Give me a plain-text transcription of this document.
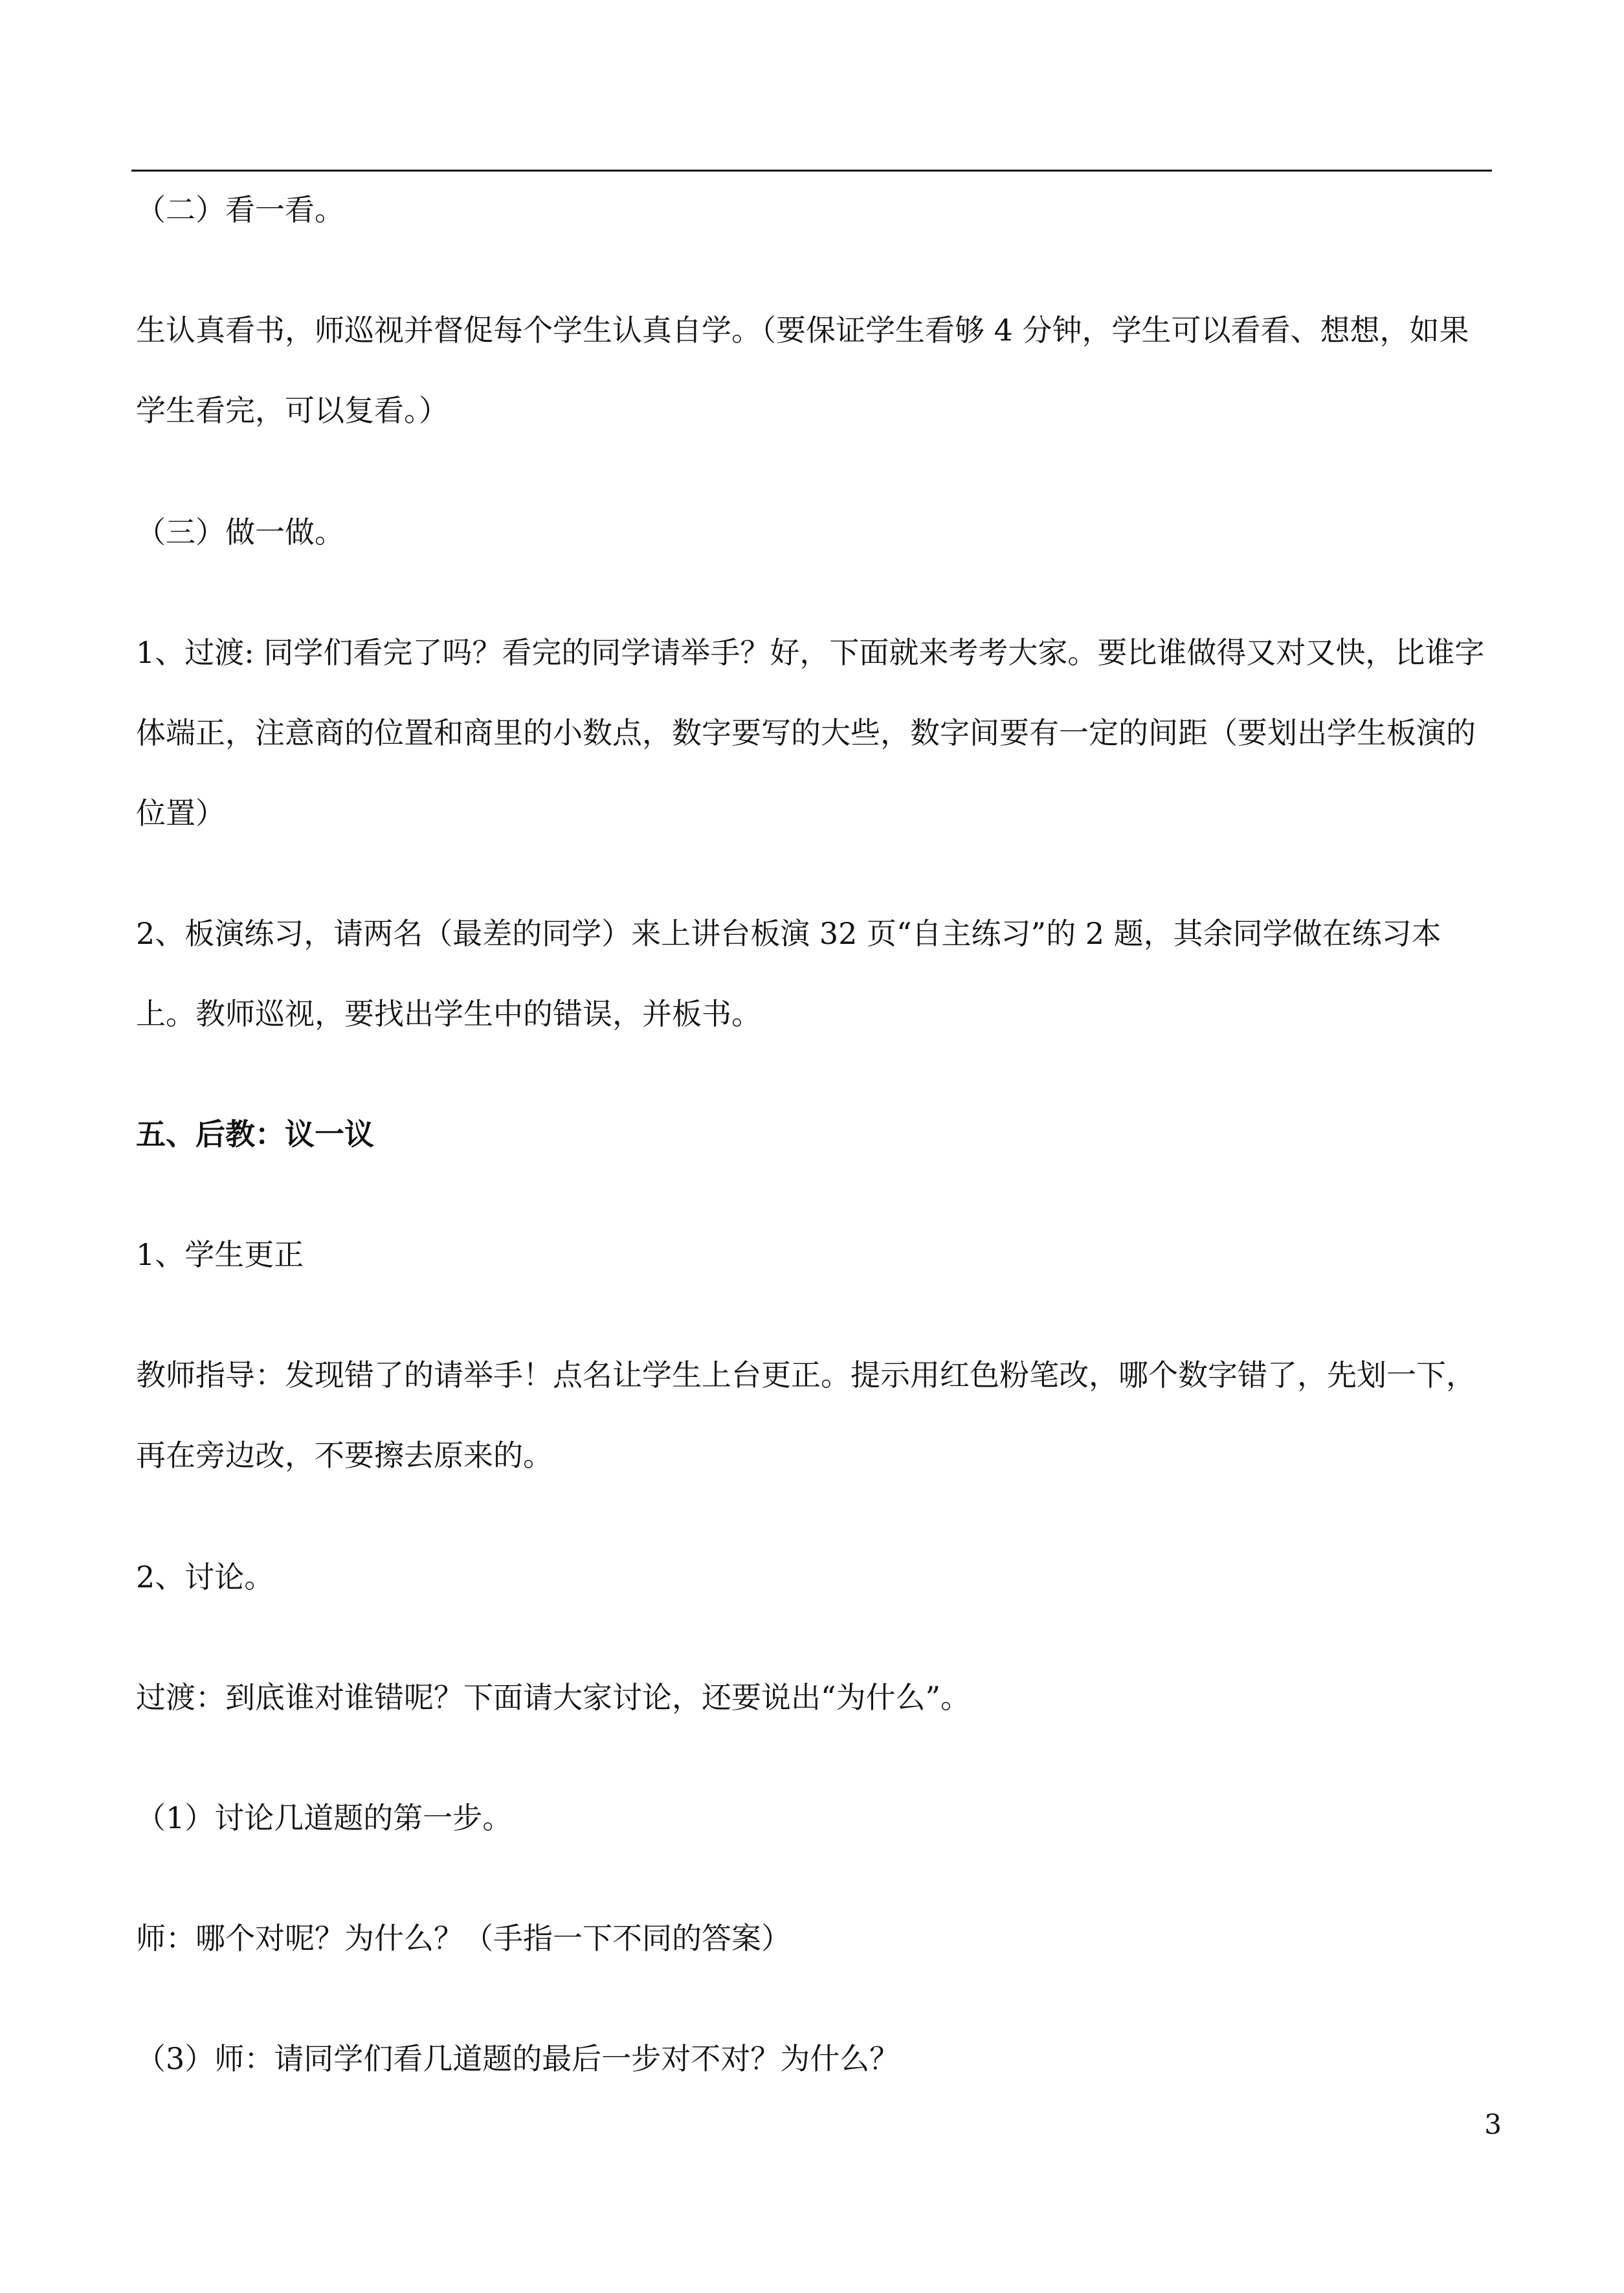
（二）看一看。
生认真看书，师巡视并督促每个学生认真自学。（要保证学生看够 4 分钟，学生可以看看、想想，如果学生看完，可以复看。）
（三）做一做。
1、过渡: 同学们看完了吗？看完的同学请举手？好，下面就来考考大家。要比谁做得又对又快，比谁字体端正，注意商的位置和商里的小数点，数字要写的大些，数字间要有一定的间距（要划出学生板演的位置）
2、板演练习，请两名（最差的同学）来上讲台板演 32 页“自主练习”的 2 题，其余同学做在练习本上。教师巡视，要找出学生中的错误，并板书。
五、后教：议一议
1、学生更正
教师指导：发现错了的请举手！点名让学生上台更正。提示用红色粉笔改，哪个数字错了，先划一下，再在旁边改，不要擦去原来的。
2、讨论。
过渡：到底谁对谁错呢？下面请大家讨论，还要说出“为什么”。
（1）讨论几道题的第一步。
师：哪个对呢？为什么？（手指一下不同的答案）
（3）师：请同学们看几道题的最后一步对不对？为什么？
3
